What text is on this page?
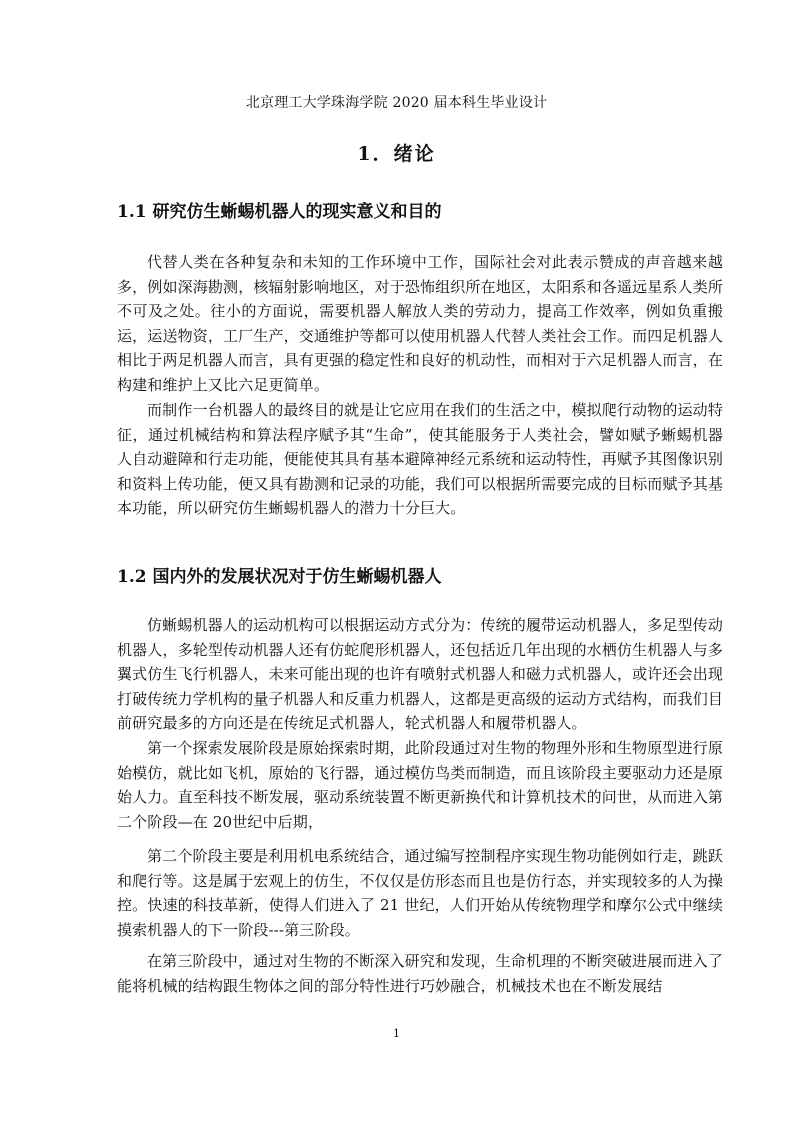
北京理工大学珠海学院 2020 届本科生毕业设计
1．绪论
1.1 研究仿生蜥蜴机器人的现实意义和目的

代替人类在各种复杂和未知的工作环境中工作，国际社会对此表示赞成的声音越来越多，例如深海勘测，核辐射影响地区，对于恐怖组织所在地区，太阳系和各遥远星系人类所不可及之处。往小的方面说，需要机器人解放人类的劳动力，提高工作效率，例如负重搬运，运送物资，工厂生产，交通维护等都可以使用机器人代替人类社会工作。而四足机器人相比于两足机器人而言，具有更强的稳定性和良好的机动性，而相对于六足机器人而言，在构建和维护上又比六足更简单。

而制作一台机器人的最终目的就是让它应用在我们的生活之中，模拟爬行动物的运动特征，通过机械结构和算法程序赋予其“生命”，使其能服务于人类社会，譬如赋予蜥蜴机器人自动避障和行走功能，便能使其具有基本避障神经元系统和运动特性，再赋予其图像识别和资料上传功能，便又具有勘测和记录的功能，我们可以根据所需要完成的目标而赋予其基本功能，所以研究仿生蜥蜴机器人的潜力十分巨大。

1.2 国内外的发展状况对于仿生蜥蜴机器人

仿蜥蜴机器人的运动机构可以根据运动方式分为：传统的履带运动机器人，多足型传动机器人，多轮型传动机器人还有仿蛇爬形机器人，还包括近几年出现的水栖仿生机器人与多翼式仿生飞行机器人，未来可能出现的也许有喷射式机器人和磁力式机器人，或许还会出现打破传统力学机构的量子机器人和反重力机器人，这都是更高级的运动方式结构，而我们目前研究最多的方向还是在传统足式机器人，轮式机器人和履带机器人。

第一个探索发展阶段是原始探索时期，此阶段通过对生物的物理外形和生物原型进行原始模仿，就比如飞机，原始的飞行器，通过模仿鸟类而制造，而且该阶段主要驱动力还是原始人力。直至科技不断发展，驱动系统装置不断更新换代和计算机技术的问世，从而进入第二个阶段—在 20世纪中后期，

第二个阶段主要是利用机电系统结合，通过编写控制程序实现生物功能例如行走，跳跃和爬行等。这是属于宏观上的仿生，不仅仅是仿形态而且也是仿行态，并实现较多的人为操控。快速的科技革新，使得人们进入了 21 世纪，人们开始从传统物理学和摩尔公式中继续摸索机器人的下一阶段---第三阶段。

在第三阶段中，通过对生物的不断深入研究和发现，生命机理的不断突破进展而进入了能将机械的结构跟生物体之间的部分特性进行巧妙融合，机械技术也在不断发展结

1
